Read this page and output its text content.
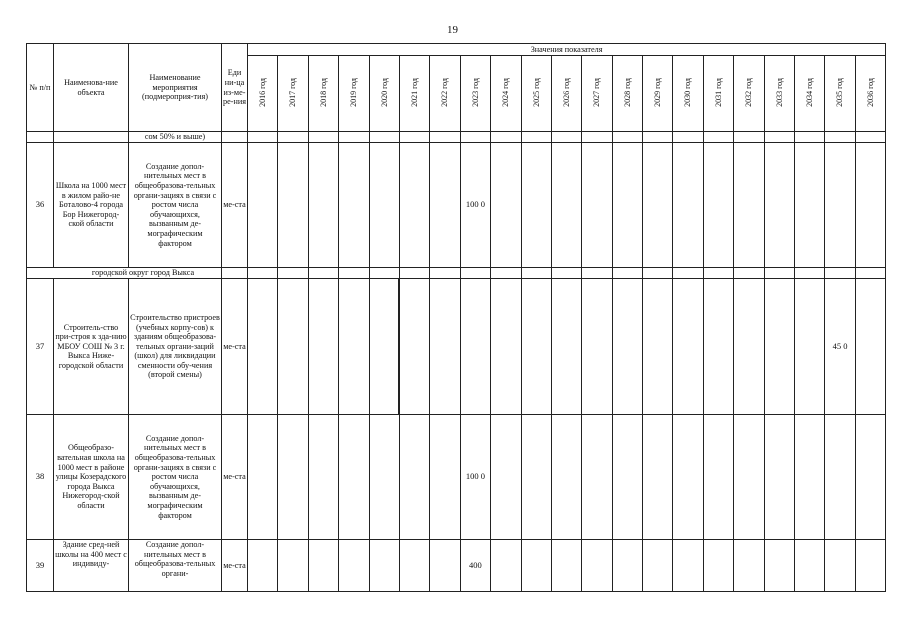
19
№ п/п	Наименова-ние объекта	Наименование мероприятия (подмероприя-тия)	Еди ни-ца из-ме-ре-ния	Значения показателя																				
				2016 год	2017 год	2018 год	2019 год	2020 год	2021 год	2022 год	2023 год	2024 год	2025 год	2026 год	2027 год	2028 год	2029 год	2030 год	2031 год	2032 год	2033 год	2034 год	2035 год	2036 год
		сом 50% и выше)																						
36	Школа на 1000 мест в жилом райо-не Боталово-4 города Бор Нижегород-ской области	Создание допол-нительных мест в общеобразова-тельных органи-зациях в связи с ростом числа обучающихся, вызванным де-мографическим фактором	ме-ста								100 0													
городской округ город Выкса																								
37	Строитель-ство при-строя к зда-нию МБОУ СОШ № 3 г. Выкса Ниже-городской области	Строительство пристроев (учебных корпу-сов) к зданиям общеобразова-тельных органи-заций (школ) для ликвидации сменности обу-чения (второй смены)	ме-ста																				45 0	
38	Общеобразо-вательная школа на 1000 мест в районе улицы Козерадского города Выкса Нижегород-ской области	Создание допол-нительных мест в общеобразова-тельных органи-зациях в связи с ростом числа обучающихся, вызванным де-мографическим фактором	ме-ста								100 0													
39	Здание сред-ней школы на 400 мест с индивиду-	Создание допол-нительных мест в общеобразова-тельных органи-	ме-ста								400													
